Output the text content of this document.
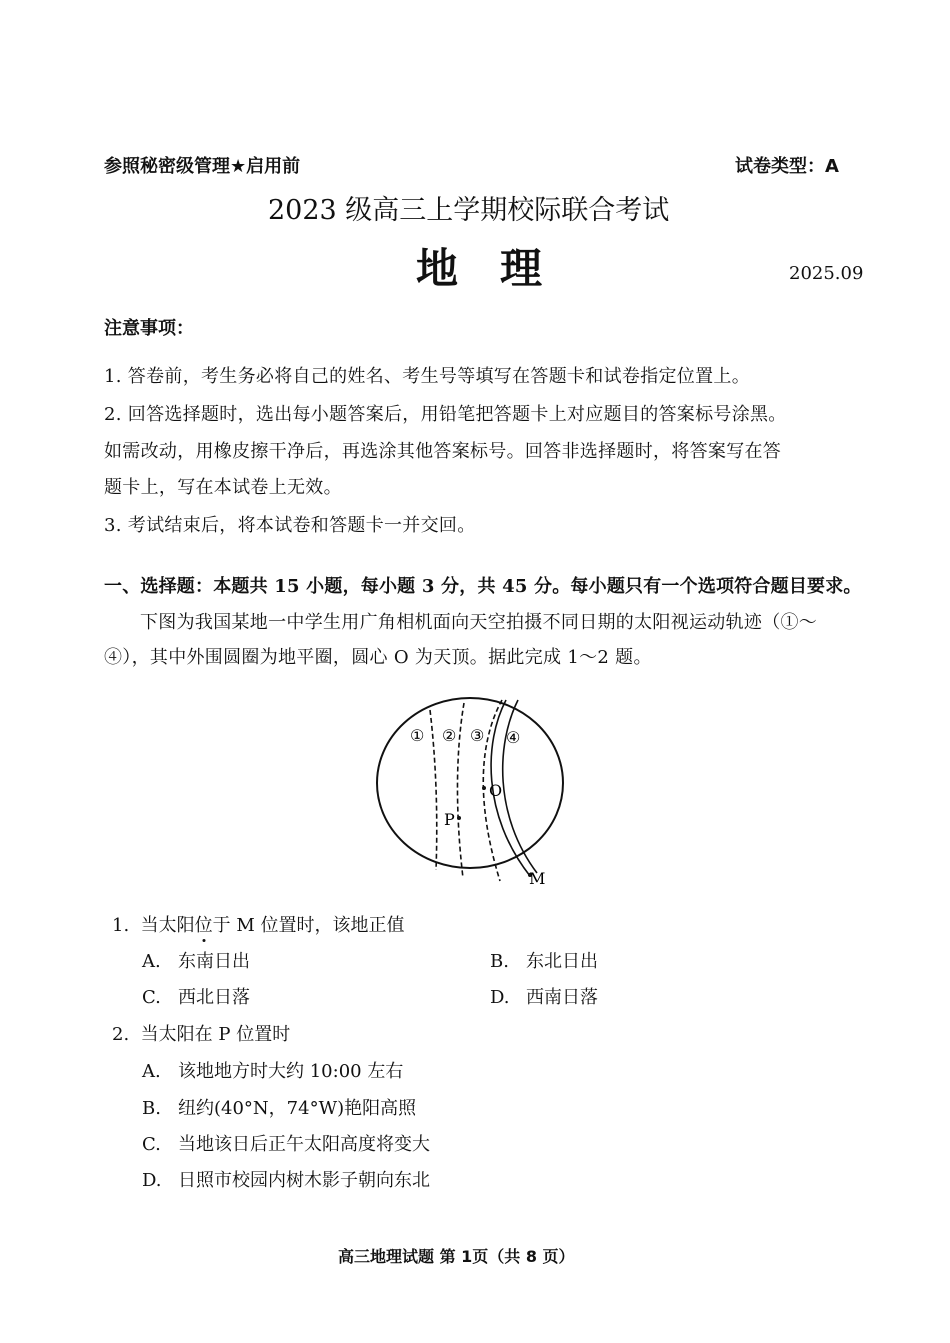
参照秘密级管理★启用前	试卷类型：A
2023 级高三上学期校际联合考试
地　理	2025.09
注意事项：
1. 答卷前，考生务必将自己的姓名、考生号等填写在答题卡和试卷指定位置上。
2. 回答选择题时，选出每小题答案后，用铅笔把答题卡上对应题目的答案标号涂黑。
如需改动，用橡皮擦干净后，再选涂其他答案标号。回答非选择题时，将答案写在答
题卡上，写在本试卷上无效。
3. 考试结束后，将本试卷和答题卡一并交回。
一、选择题：本题共 15 小题，每小题 3 分，共 45 分。每小题只有一个选项符合题目要求。
下图为我国某地一中学生用广角相机面向天空拍摄不同日期的太阳视运动轨迹（①～
④），其中外围圆圈为地平圈，圆心 O 为天顶。据此完成 1～2 题。
① ② ③ ④
O
P
M
1. 当太阳位于 M 位置时，该地正值
A. 东南日出	B. 东北日出
C. 西北日落	D. 西南日落
2. 当太阳在 P 位置时
A. 该地地方时大约 10:00 左右
B. 纽约(40°N，74°W)艳阳高照
C. 当地该日后正午太阳高度将变大
D. 日照市校园内树木影子朝向东北
高三地理试题 第 1页（共 8 页）
